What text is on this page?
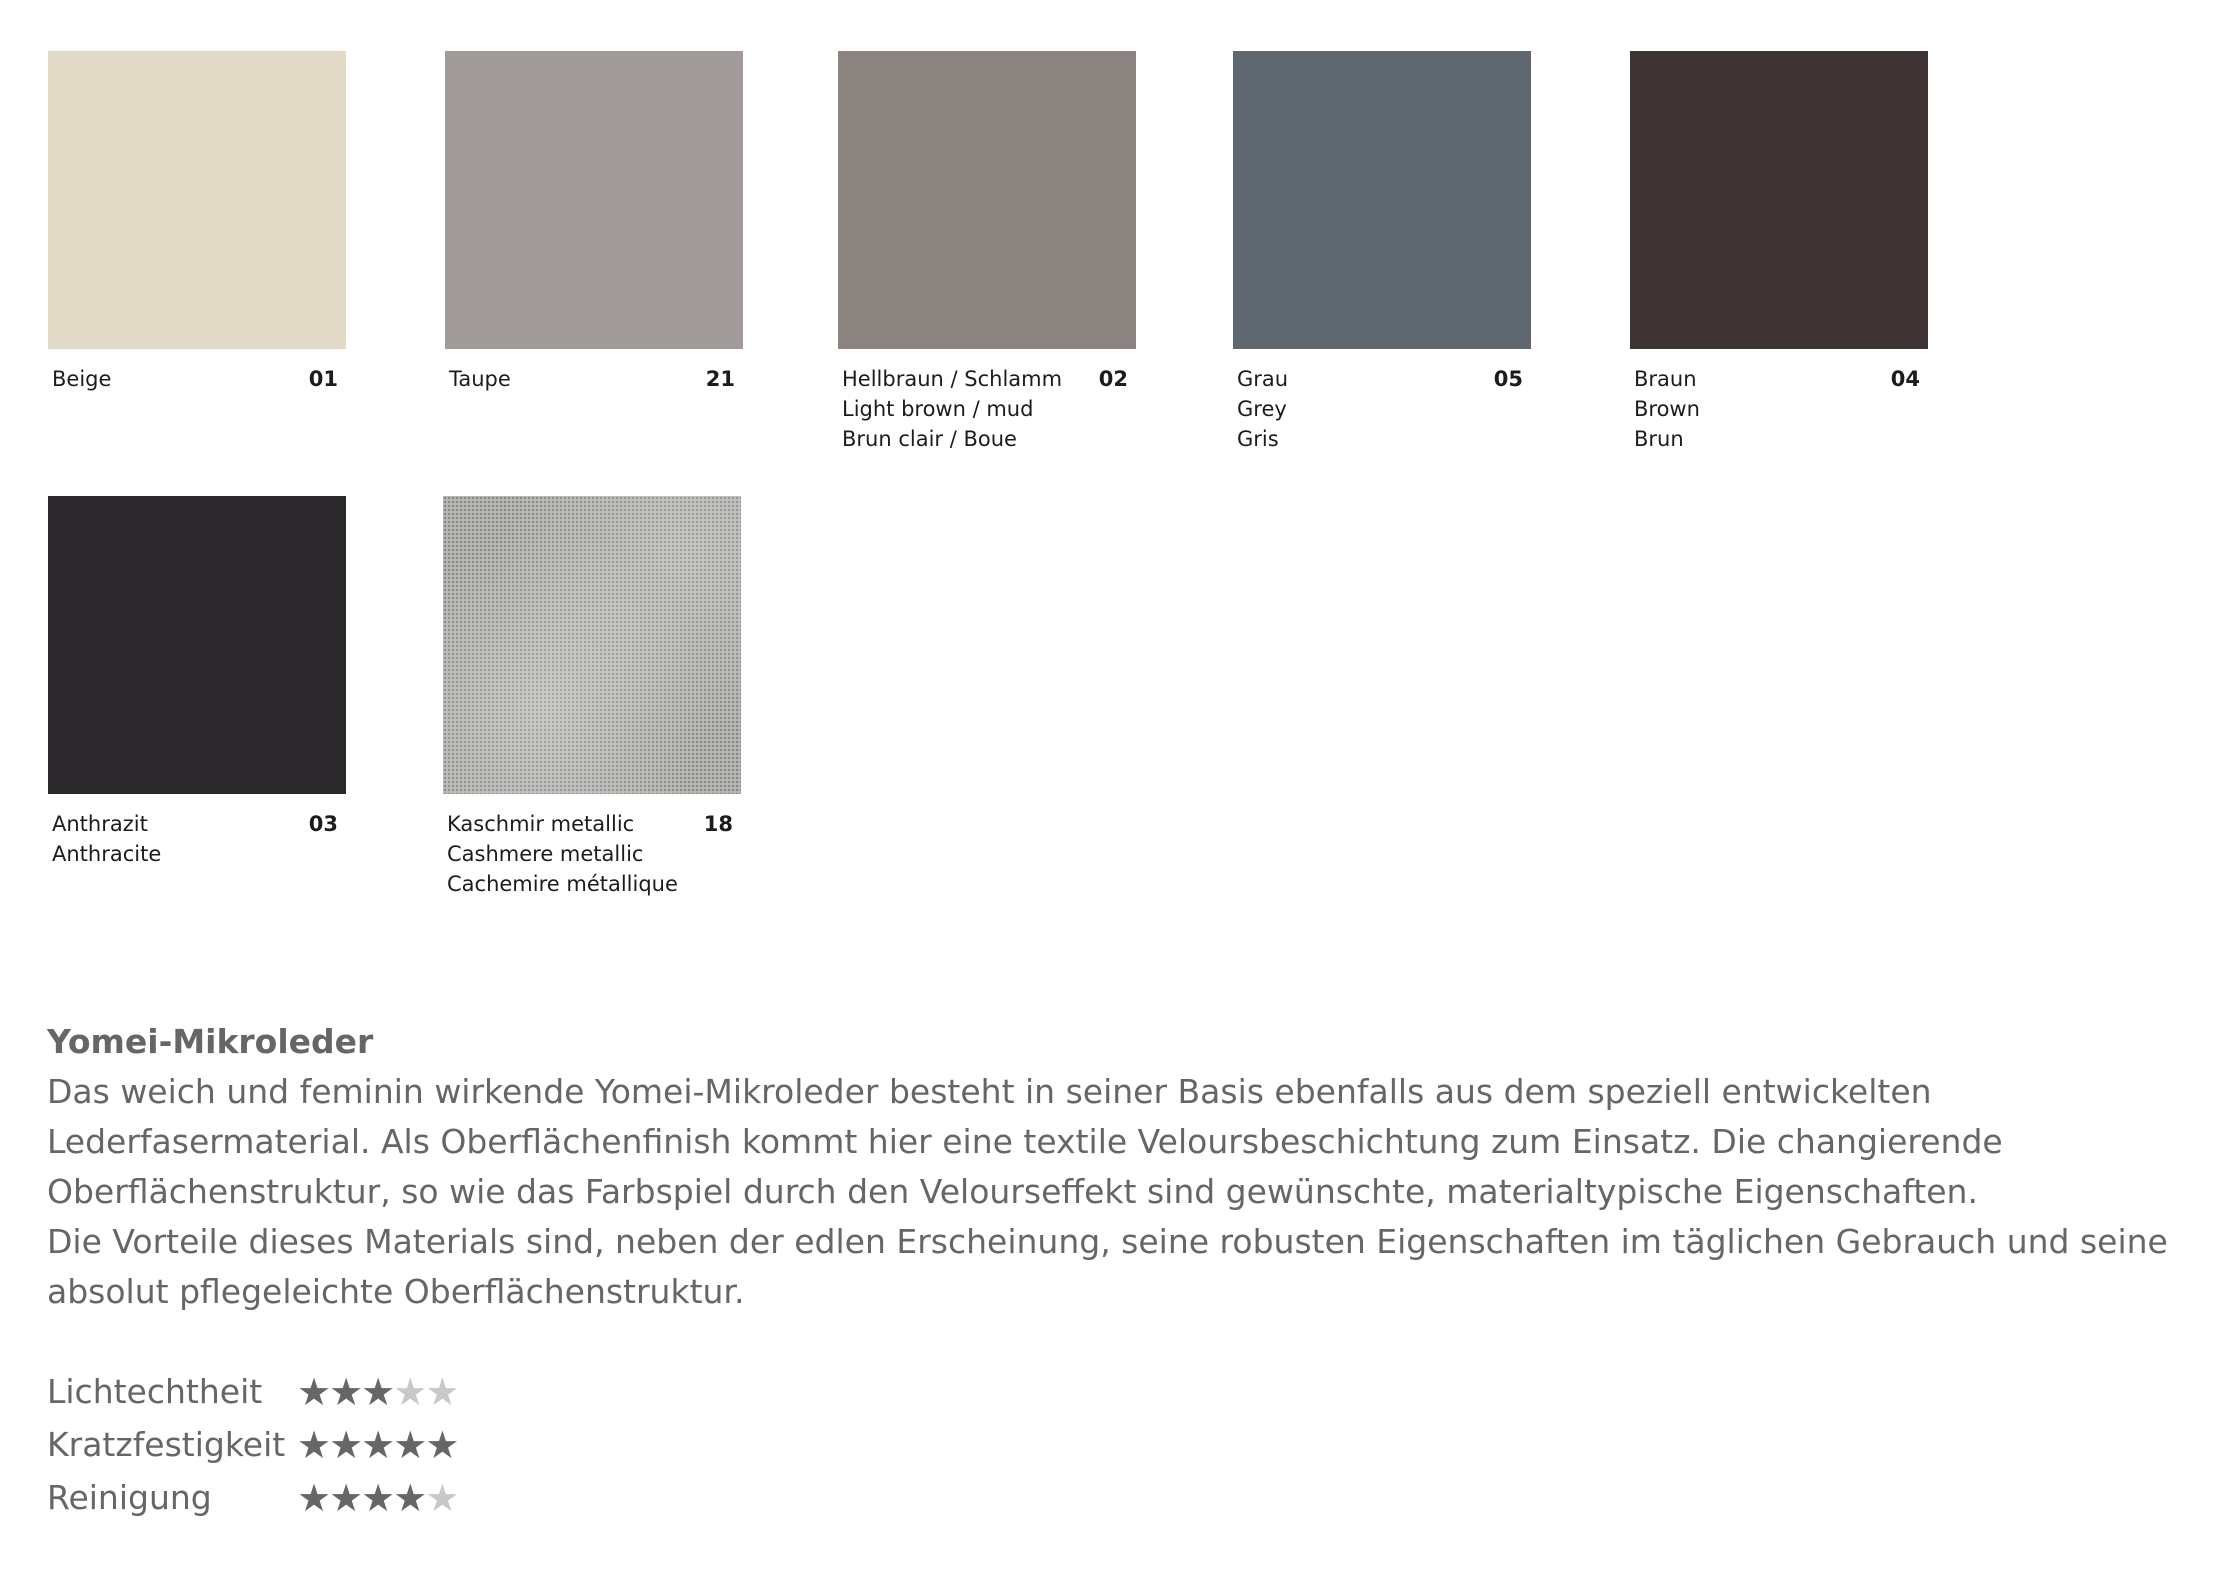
Beige	01	Taupe	21	Hellbraun / Schlamm
Light brown / mud
Brun clair / Boue
02	Grau
Grey
Gris
05	Braun
Brown
Brun
04
Anthrazit
Anthracite
03	Kaschmir metallic
Cashmere metallic
Cachemire métallique
18
Yomei-Mikroleder

Das weich und feminin wirkende Yomei-Mikroleder besteht in seiner Basis ebenfalls aus dem speziell entwickelten

Lederfasermaterial. Als Oberflächenfinish kommt hier eine textile Veloursbeschichtung zum Einsatz. Die changierende

Oberflächenstruktur, so wie das Farbspiel durch den Velourseffekt sind gewünschte, materialtypische Eigenschaften.

Die Vorteile dieses Materials sind, neben der edlen Erscheinung, seine robusten Eigenschaften im täglichen Gebrauch und seine

absolut pflegeleichte Oberflächenstruktur.

Lichtechtheit ★ ★ ★ ★ ★
Kratzfestigkeit ★ ★ ★ ★ ★
Reinigung	★ ★ ★ ★ ★
